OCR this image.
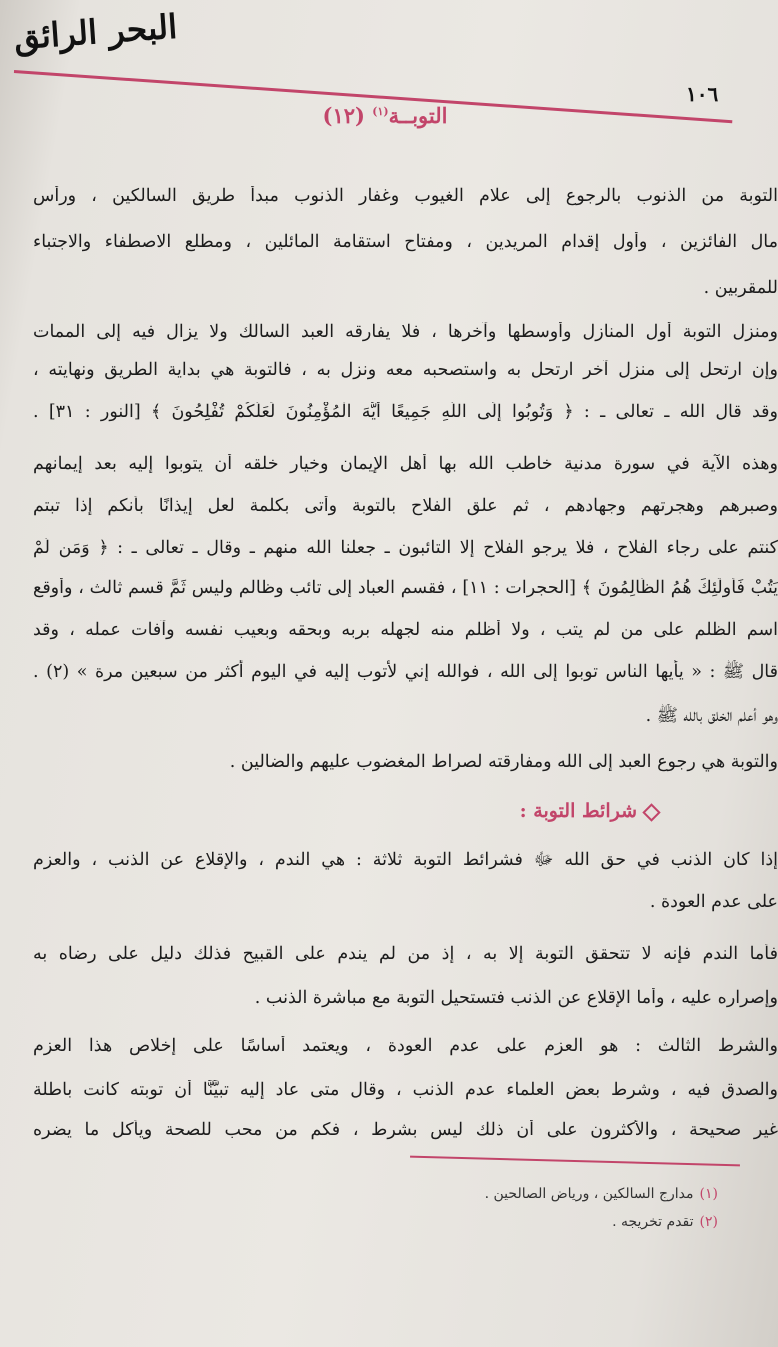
البحر الرائق
١٠٦
(١٢) التوبــة$^{(١)}$
التوبة من الذنوب بالرجوع إلى علام الغيوب وغفار الذنوب مبدأ طريق السالكين ، ورأس
مال الفائزين ، وأول إقدام المريدين ، ومفتاح استقامة المائلين ، ومطلع الاصطفاء والاجتباء
للمقربين .
ومنزل التوبة أول المنازل وأوسطها وآخرها ، فلا يفارقه العبد السالك ولا يزال فيه إلى الممات
وإن ارتحل إلى منزل آخر ارتحل به واستصحبه معه ونزل به ، فالتوبة هي بداية الطريق ونهايته ،
وقد قال الله ـ تعالى ـ : ﴿ وَتُوبُوا إِلَى اللَّهِ جَمِيعًا أَيُّهَ الْمُؤْمِنُونَ لَعَلَّكُمْ تُفْلِحُونَ ﴾ [النور : ٣١] .
وهذه الآية في سورة مدنية خاطب الله بها أهل الإيمان وخيار خلقه أن يتوبوا إليه بعد إيمانهم
وصبرهم وهجرتهم وجهادهم ، ثم علق الفلاح بالتوبة وأتى بكلمة لعل إيذانًا بأنكم إذا تبتم
كنتم على رجاء الفلاح ، فلا يرجو الفلاح إلا التائبون ـ جعلنا الله منهم ـ وقال ـ تعالى ـ : ﴿ وَمَن لَّمْ
يَتُبْ فَأُولَٰئِكَ هُمُ الظَّالِمُونَ ﴾ [الحجرات : ١١] ، فقسم العباد إلى تائب وظالم وليس ثَمَّ قسم ثالث ، وأوقع
اسم الظلم على من لم يتب ، ولا أظلم منه لجهله بربه وبحقه وبعيب نفسه وآفات عمله ، وقد
قال ﷺ : « يأيها الناس توبوا إلى الله ، فوالله إني لأتوب إليه في اليوم أكثر من سبعين مرة » (٢) .
وهو أعلم الخلق بالله ﷺ .
والتوبة هي رجوع العبد إلى الله ومفارقته لصراط المغضوب عليهم والضالين .
شرائط التوبة :
إذا كان الذنب في حق الله ﷻ فشرائط التوبة ثلاثة : هي الندم ، والإقلاع عن الذنب ، والعزم
على عدم العودة .
فأما الندم فإنه لا تتحقق التوبة إلا به ، إذ من لم يندم على القبيح فذلك دليل على رضاه به
وإصراره عليه ، وأما الإقلاع عن الذنب فتستحيل التوبة مع مباشرة الذنب .
والشرط الثالث : هو العزم على عدم العودة ، ويعتمد أساسًا على إخلاص هذا العزم
والصدق فيه ، وشرط بعض العلماء عدم الذنب ، وقال متى عاد إليه تبيَّنَّا أن توبته كانت باطلة
غير صحيحة ، والأكثرون على أن ذلك ليس بشرط ، فكم من محب للصحة ويأكل ما يضره
(١)مدارج السالكين ، ورياض الصالحين .
(٢)تقدم تخريجه .
